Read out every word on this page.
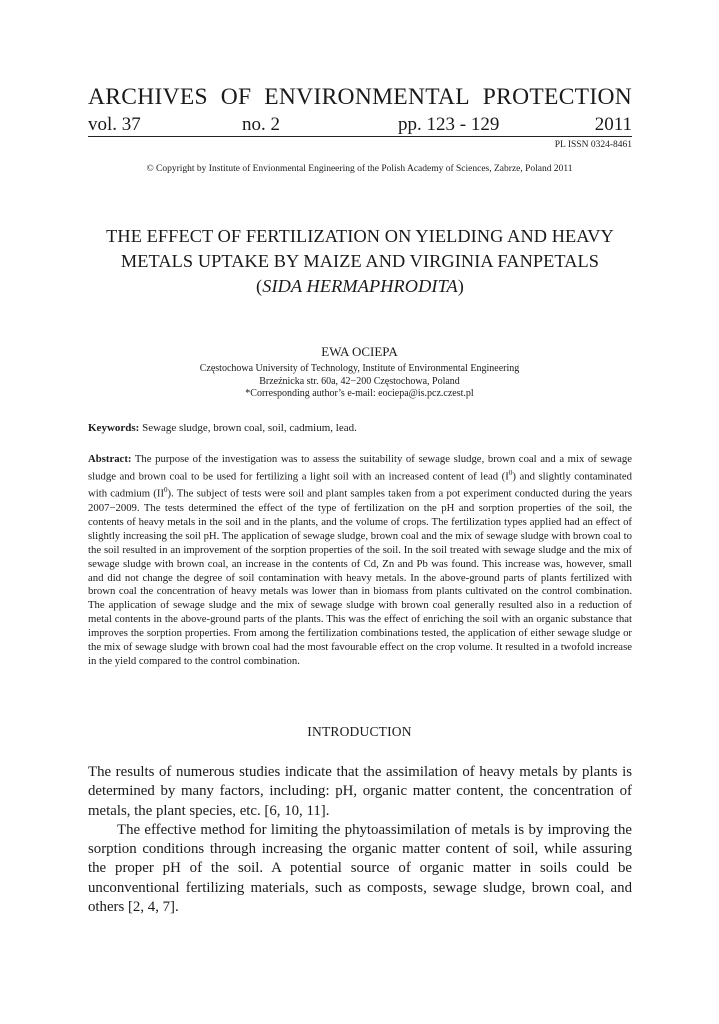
ARCHIVES OF ENVIRONMENTAL PROTECTION
vol. 37	no. 2	pp. 123 - 129	2011
PL ISSN 0324-8461
© Copyright by Institute of Envionmental Engineering of the Polish Academy of Sciences, Zabrze, Poland 2011
THE EFFECT OF FERTILIZATION ON YIELDING AND HEAVY METALS UPTAKE BY MAIZE AND VIRGINIA FANPETALS (SIDA HERMAPHRODITA)
EWA OCIEPA
Częstochowa University of Technology, Institute of Environmental Engineering
Brzeźnicka str. 60a, 42−200 Częstochowa, Poland
*Corresponding author’s e-mail: eociepa@is.pcz.czest.pl
Keywords: Sewage sludge, brown coal, soil, cadmium, lead.
Abstract: The purpose of the investigation was to assess the suitability of sewage sludge, brown coal and a mix of sewage sludge and brown coal to be used for fertilizing a light soil with an increased content of lead $(I^0)$ and slightly contaminated with cadmium $(II^0)$. The subject of tests were soil and plant samples taken from a pot experiment conducted during the years 2007−2009. The tests determined the effect of the type of fertilization on the pH and sorption properties of the soil, the contents of heavy metals in the soil and in the plants, and the volume of crops. The fertilization types applied had an effect of slightly increasing the soil pH. The application of sewage sludge, brown coal and the mix of sewage sludge with brown coal to the soil resulted in an improvement of the sorption properties of the soil. In the soil treated with sewage sludge and the mix of sewage sludge with brown coal, an increase in the contents of Cd, Zn and Pb was found. This increase was, however, small and did not change the degree of soil contamination with heavy metals. In the above-ground parts of plants fertilized with brown coal the concentration of heavy metals was lower than in biomass from plants cultivated on the control combination. The application of sewage sludge and the mix of sewage sludge with brown coal generally resulted also in a reduction of metal contents in the above-ground parts of the plants. This was the effect of enriching the soil with an organic substance that improves the sorption properties. From among the fertilization combinations tested, the application of either sewage sludge or the mix of sewage sludge with brown coal had the most favourable effect on the crop volume. It resulted in a twofold increase in the yield compared to the control combination.
INTRODUCTION

The results of numerous studies indicate that the assimilation of heavy metals by plants is determined by many factors, including: pH, organic matter content, the concentration of metals, the plant species, etc. [6, 10, 11].

The effective method for limiting the phytoassimilation of metals is by improving the sorption conditions through increasing the organic matter content of soil, while assuring the proper pH of the soil. A potential source of organic matter in soils could be unconventional fertilizing materials, such as composts, sewage sludge, brown coal, and others [2, 4, 7].
